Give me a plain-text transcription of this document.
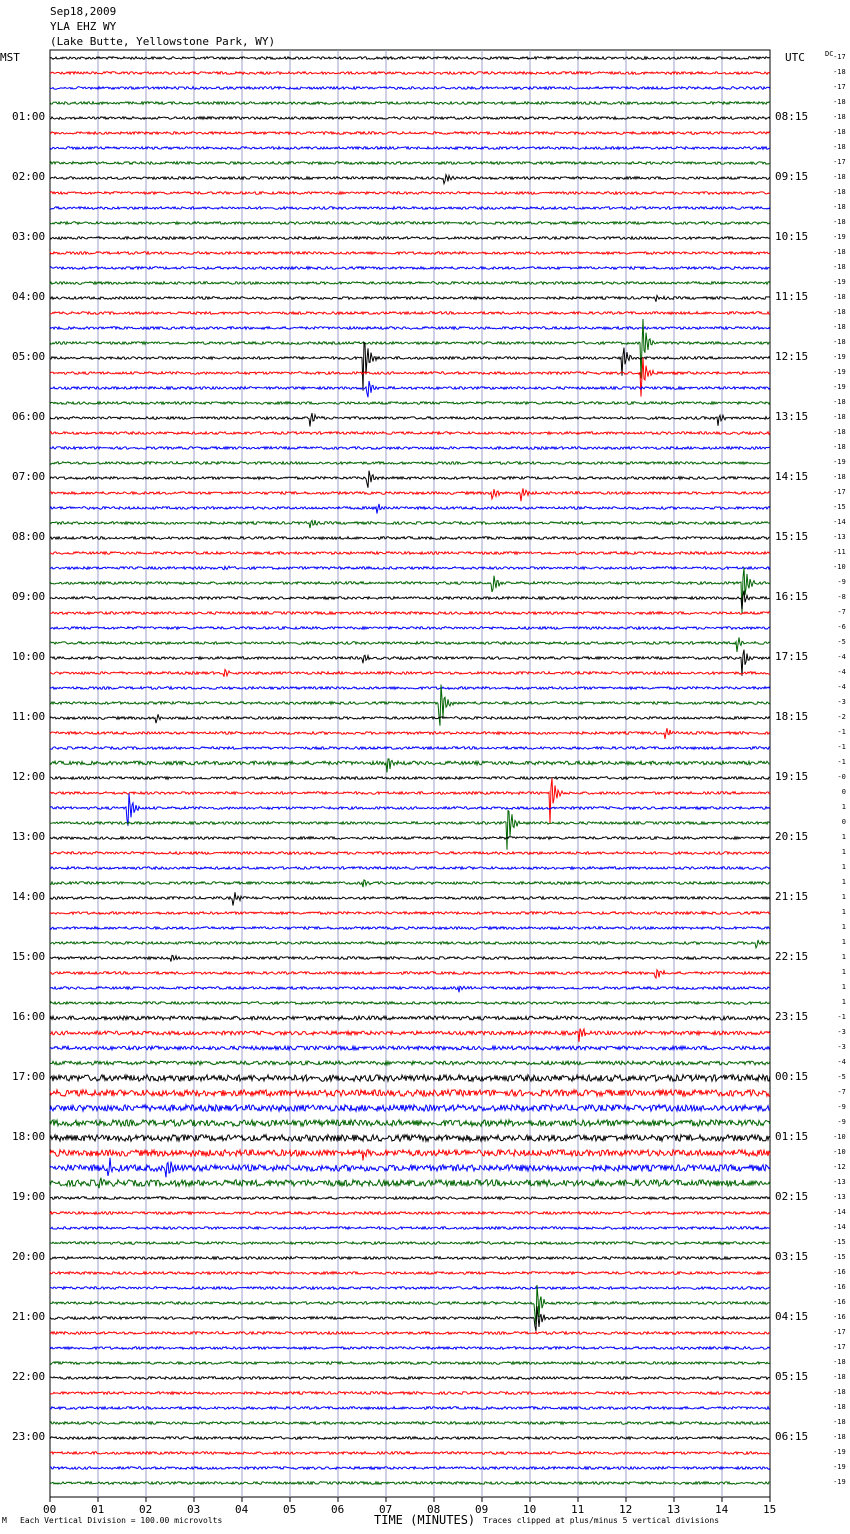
Sep18,2009
YLA EHZ WY
(Lake Butte, Yellowstone Park, WY)
MST	UTC	DC
01:00
02:00
03:00
04:00
05:00
06:00
07:00
08:00
09:00
10:00
11:00
12:00
13:00
14:00
15:00
16:00
17:00
18:00
19:00
20:00
21:00
22:00
23:00
08:15
09:15
10:15
11:15
12:15
13:15
14:15
15:15
16:15
17:15
18:15
19:15
20:15
21:15
22:15
23:15
00:15
01:15
02:15
03:15
04:15
05:15
06:15
-17
-18
-17
-18
-18
-18
-18
-17
-18
-18
-18
-18
-19
-18
-18
-19
-18
-18
-18
-18
-19
-19
-19
-18
-18
-18
-18
-19
-18
-17
-15
-14
-13
-11
-10
-9
-8
-7
-6
-5
-4
-4
-4
-3
-2
-1
-1
-1
-0
0
1
0
1
1
1
1
1
1
1
1
1
1
1
1
-1
-3
-3
-4
-5
-7
-9
-9
-10
-10
-12
-13
-13
-14
-14
-15
-15
-16
-16
-16
-16
-17
-17
-18
-18
-18
-18
-18
-18
-19
-19
-19
00	01	02	03	04	05	06	07	08	09	10	11	12	13	14	15
TIME (MINUTES)
Each Vertical Division = 100.00 microvolts	Traces clipped at plus/minus 5 vertical divisions
M
